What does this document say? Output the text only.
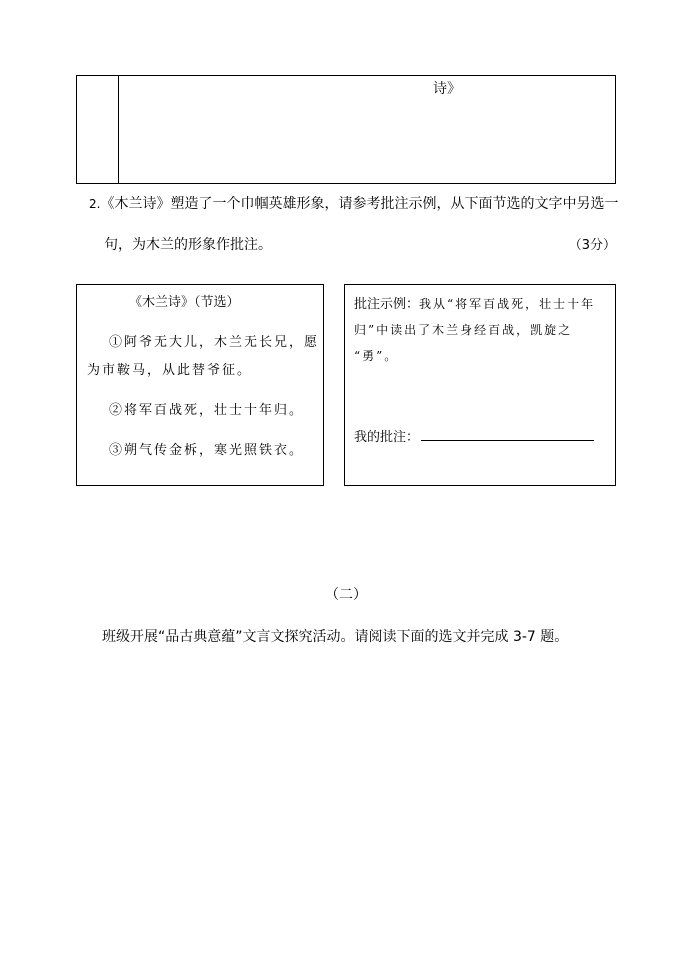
诗》
2.《木兰诗》塑造了一个巾帼英雄形象，请参考批注示例，从下面节选的文字中另选一
句，为木兰的形象作批注。	（3分）
《木兰诗》（节选）
①阿爷无大儿，木兰无长兄，愿
为市鞍马，从此替爷征。
②将军百战死，壮士十年归。
③朔气传金柝，寒光照铁衣。
批注示例：我从“将军百战死，壮士十年
归”中读出了木兰身经百战，凯旋之
“勇”。
我的批注：
（二）
班级开展“品古典意蕴”文言文探究活动。请阅读下面的选文并完成 3-7 题。
